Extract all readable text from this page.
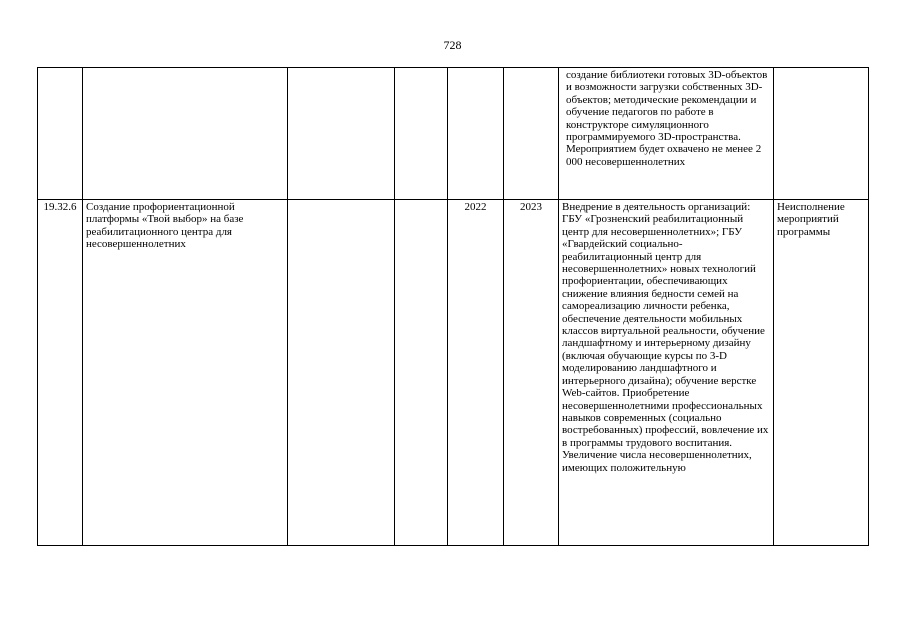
728
						создание библиотеки готовых 3D-объектов и возможности загрузки собственных 3D-объектов; методические рекомендации и обучение педагогов по работе в конструкторе симуляционного программируемого 3D-пространства. Мероприятием будет охвачено не менее 2 000 несовершеннолетних	
19.32.6	Создание профориентационной платформы «Твой выбор» на базе реабилитационного центра для несовершеннолетних			2022	2023	Внедрение в деятельность организаций: ГБУ «Грозненский реабилитационный центр для несовершеннолетних»; ГБУ «Гвардейский социально-реабилитационный центр для несовершеннолетних» новых технологий профориентации, обеспечивающих снижение влияния бедности семей на самореализацию личности ребенка, обеспечение деятельности мобильных классов виртуальной реальности, обучение ландшафтному и интерьерному дизайну (включая обучающие курсы по 3-D моделированию ландшафтного и интерьерного дизайна); обучение верстке Web-сайтов. Приобретение несовершеннолетними профессиональных навыков современных (социально востребованных) профессий, вовлечение их в программы трудового воспитания. Увеличение числа несовершеннолетних, имеющих положительную	Неисполнение мероприятий программы
